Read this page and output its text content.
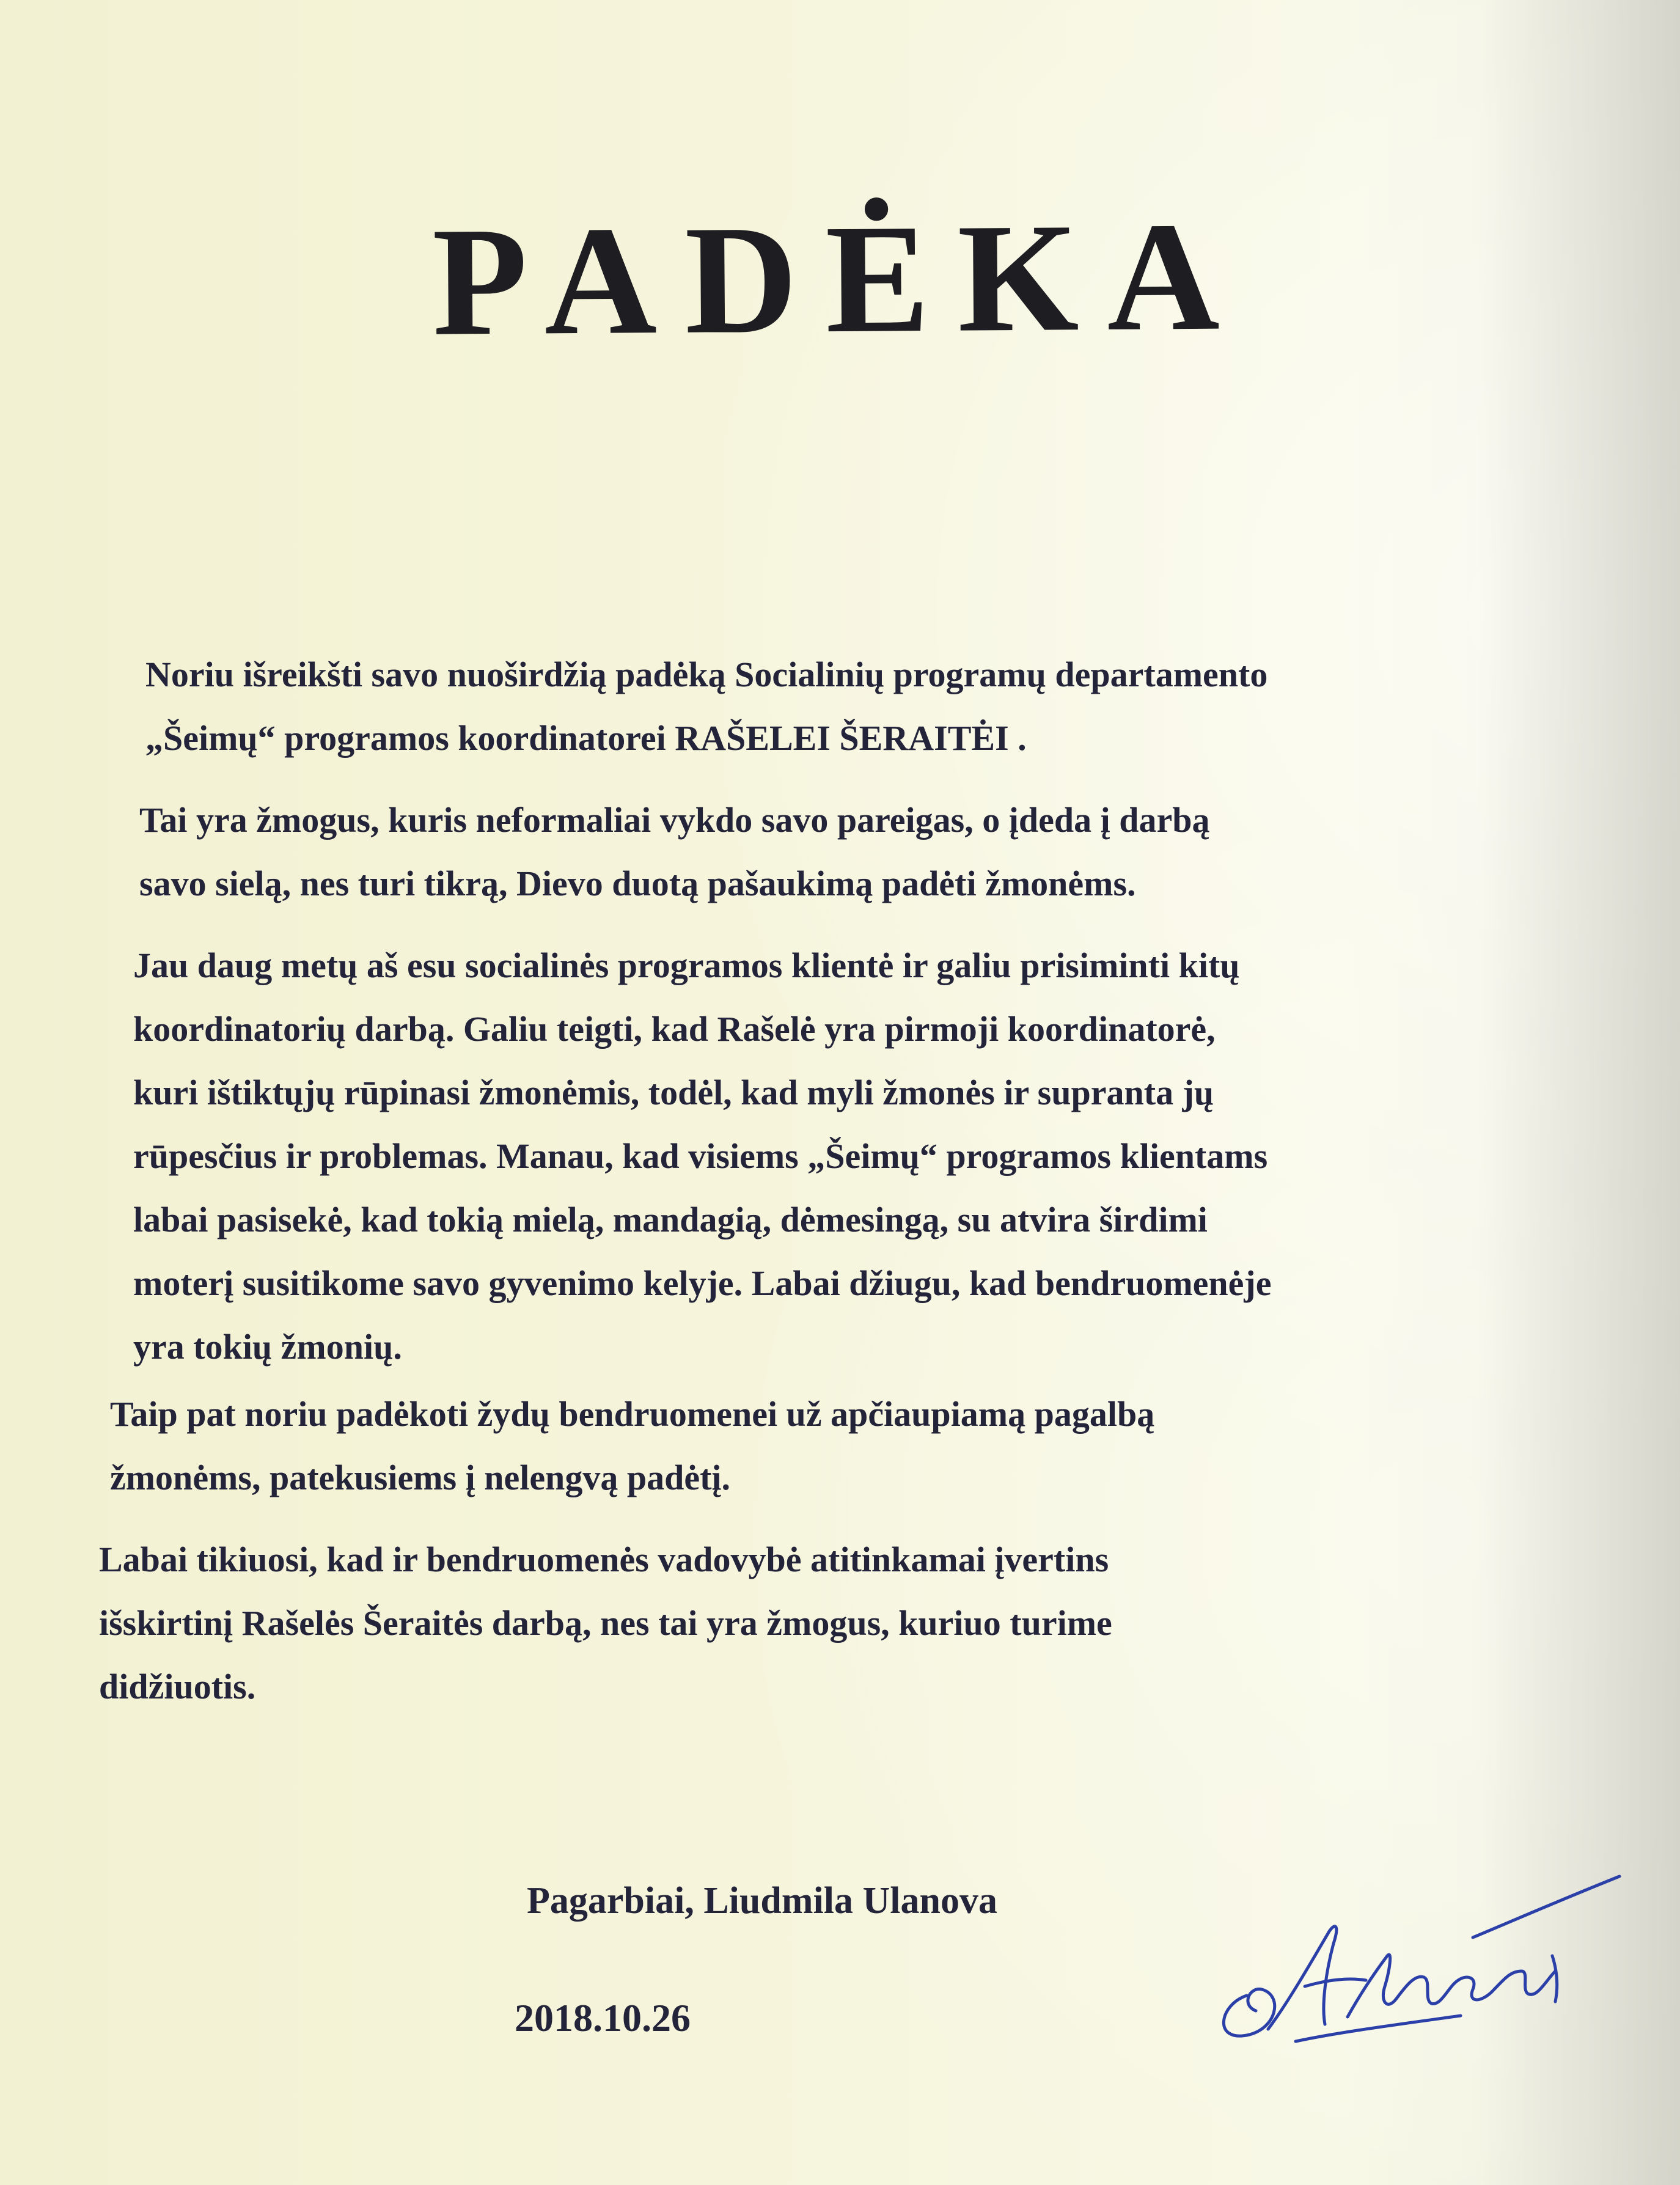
PADĖKA

Noriu išreikšti savo nuoširdžią padėką Socialinių programų departamento
„Šeimų“ programos koordinatorei RAŠELEI ŠERAITĖI .

Tai yra žmogus, kuris neformaliai vykdo savo pareigas, o įdeda į darbą
savo sielą, nes turi tikrą, Dievo duotą pašaukimą padėti žmonėms.

Jau daug metų aš esu socialinės programos klientė ir galiu prisiminti kitų
koordinatorių darbą. Galiu teigti, kad Rašelė yra pirmoji koordinatorė,
kuri ištiktųjų rūpinasi žmonėmis, todėl, kad myli žmonės ir supranta jų
rūpesčius ir problemas. Manau, kad visiems „Šeimų“ programos klientams
labai pasisekė, kad tokią mielą, mandagią, dėmesingą, su atvira širdimi
moterį susitikome savo gyvenimo kelyje. Labai džiugu, kad bendruomenėje
yra tokių žmonių.

Taip pat noriu padėkoti žydų bendruomenei už apčiaupiamą pagalbą
žmonėms, patekusiems į nelengvą padėtį.

Labai tikiuosi, kad ir bendruomenės vadovybė atitinkamai įvertins
išskirtinį Rašelės Šeraitės darbą, nes tai yra žmogus, kuriuo turime
didžiuotis.

Pagarbiai, Liudmila Ulanova

2018.10.26
